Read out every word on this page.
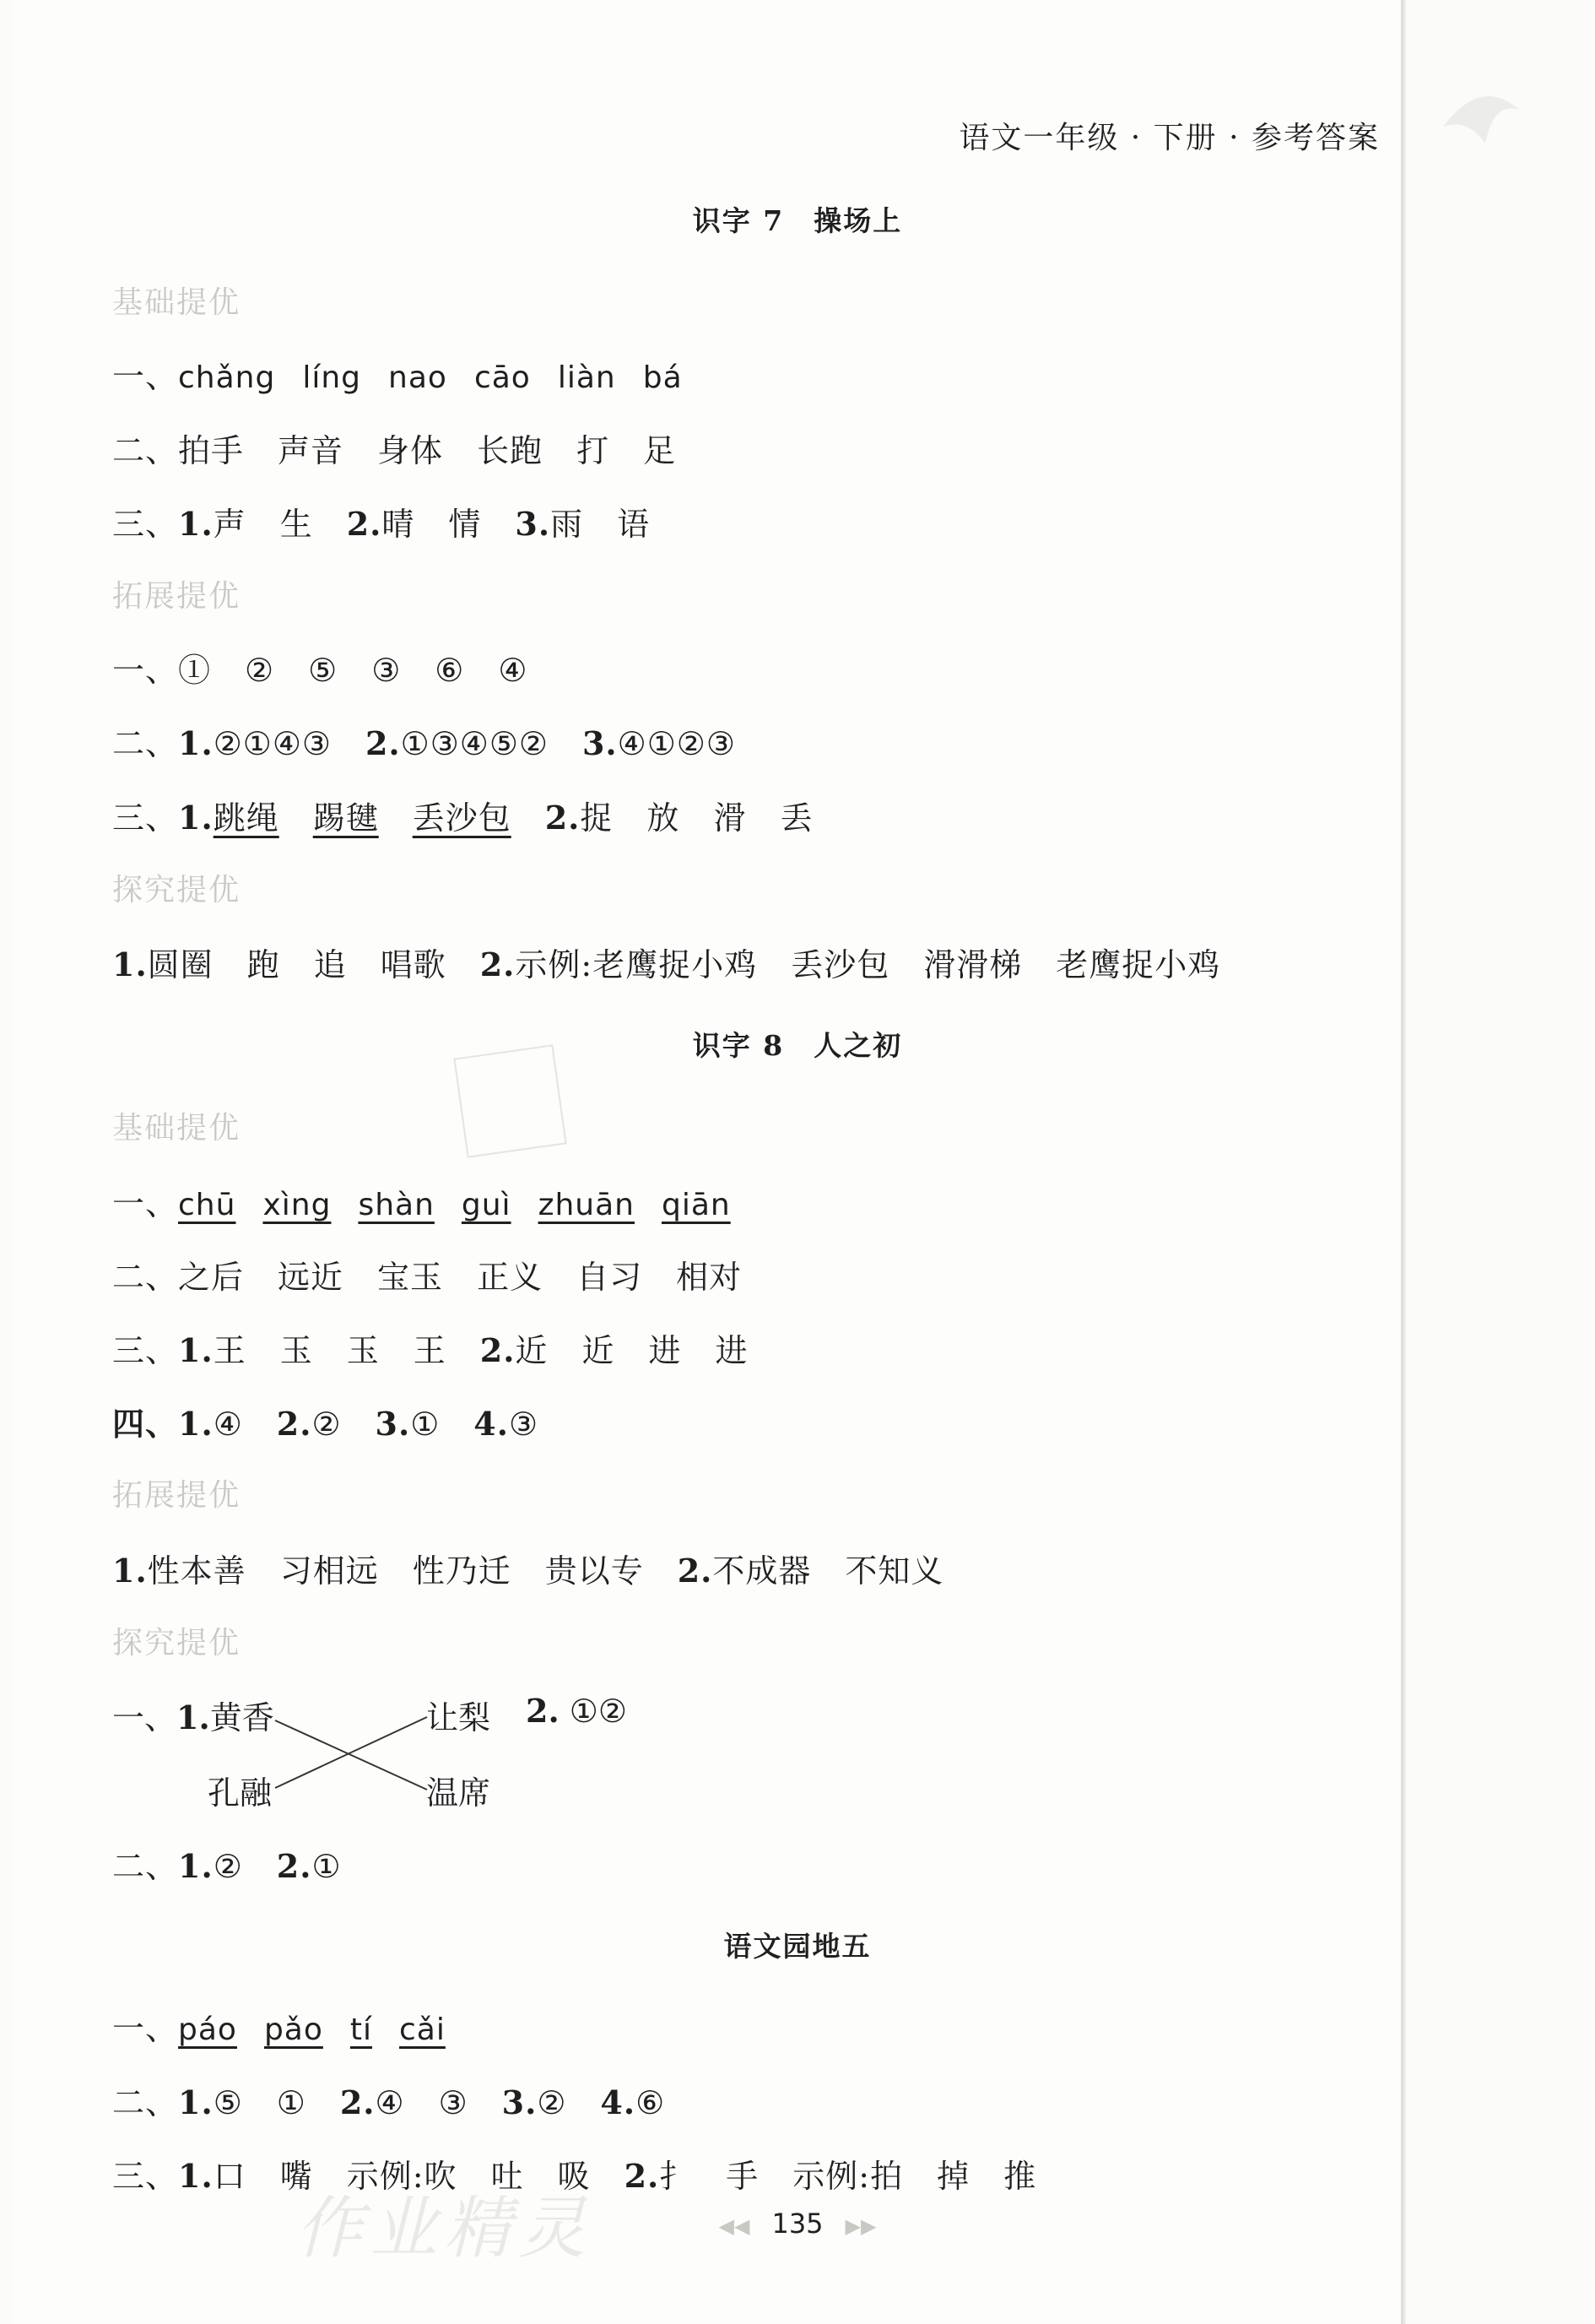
语文一年级 · 下册 · 参考答案
识字 7　操场上
基础提优
一、chǎng líng nao cāo liàn bá
二、拍手 声音 身体 长跑 打 足
三、1.声 生 2.晴 情 3.雨 语
拓展提优
一、① ② ⑤ ③ ⑥ ④
二、1.②①④③ 2.①③④⑤② 3.④①②③
三、1.跳绳 踢毽 丢沙包 2.捉 放 滑 丢
探究提优
1.圆圈 跑 追 唱歌 2.示例:老鹰捉小鸡 丢沙包 滑滑梯 老鹰捉小鸡
识字 8　人之初
基础提优
一、chū xìng shàn guì zhuān qiān
二、之后 远近 宝玉 正义 自习 相对
三、1.王 玉 玉 王 2.近 近 进 进
四、1.④ 2.② 3.① 4.③
拓展提优
1.性本善 习相远 性乃迁 贵以专 2.不成器 不知义
探究提优
一、1.黄香	让梨 2. ①②
孔融	温席
二、1.② 2.①
语文园地五
一、páo pǎo tí cǎi
二、1.⑤ ① 2.④ ③ 3.② 4.⑥
三、1.口 嘴 示例:吹 吐 吸 2.扌 手 示例:拍 掉 推
作业精灵	◀◀ 135 ▶▶
